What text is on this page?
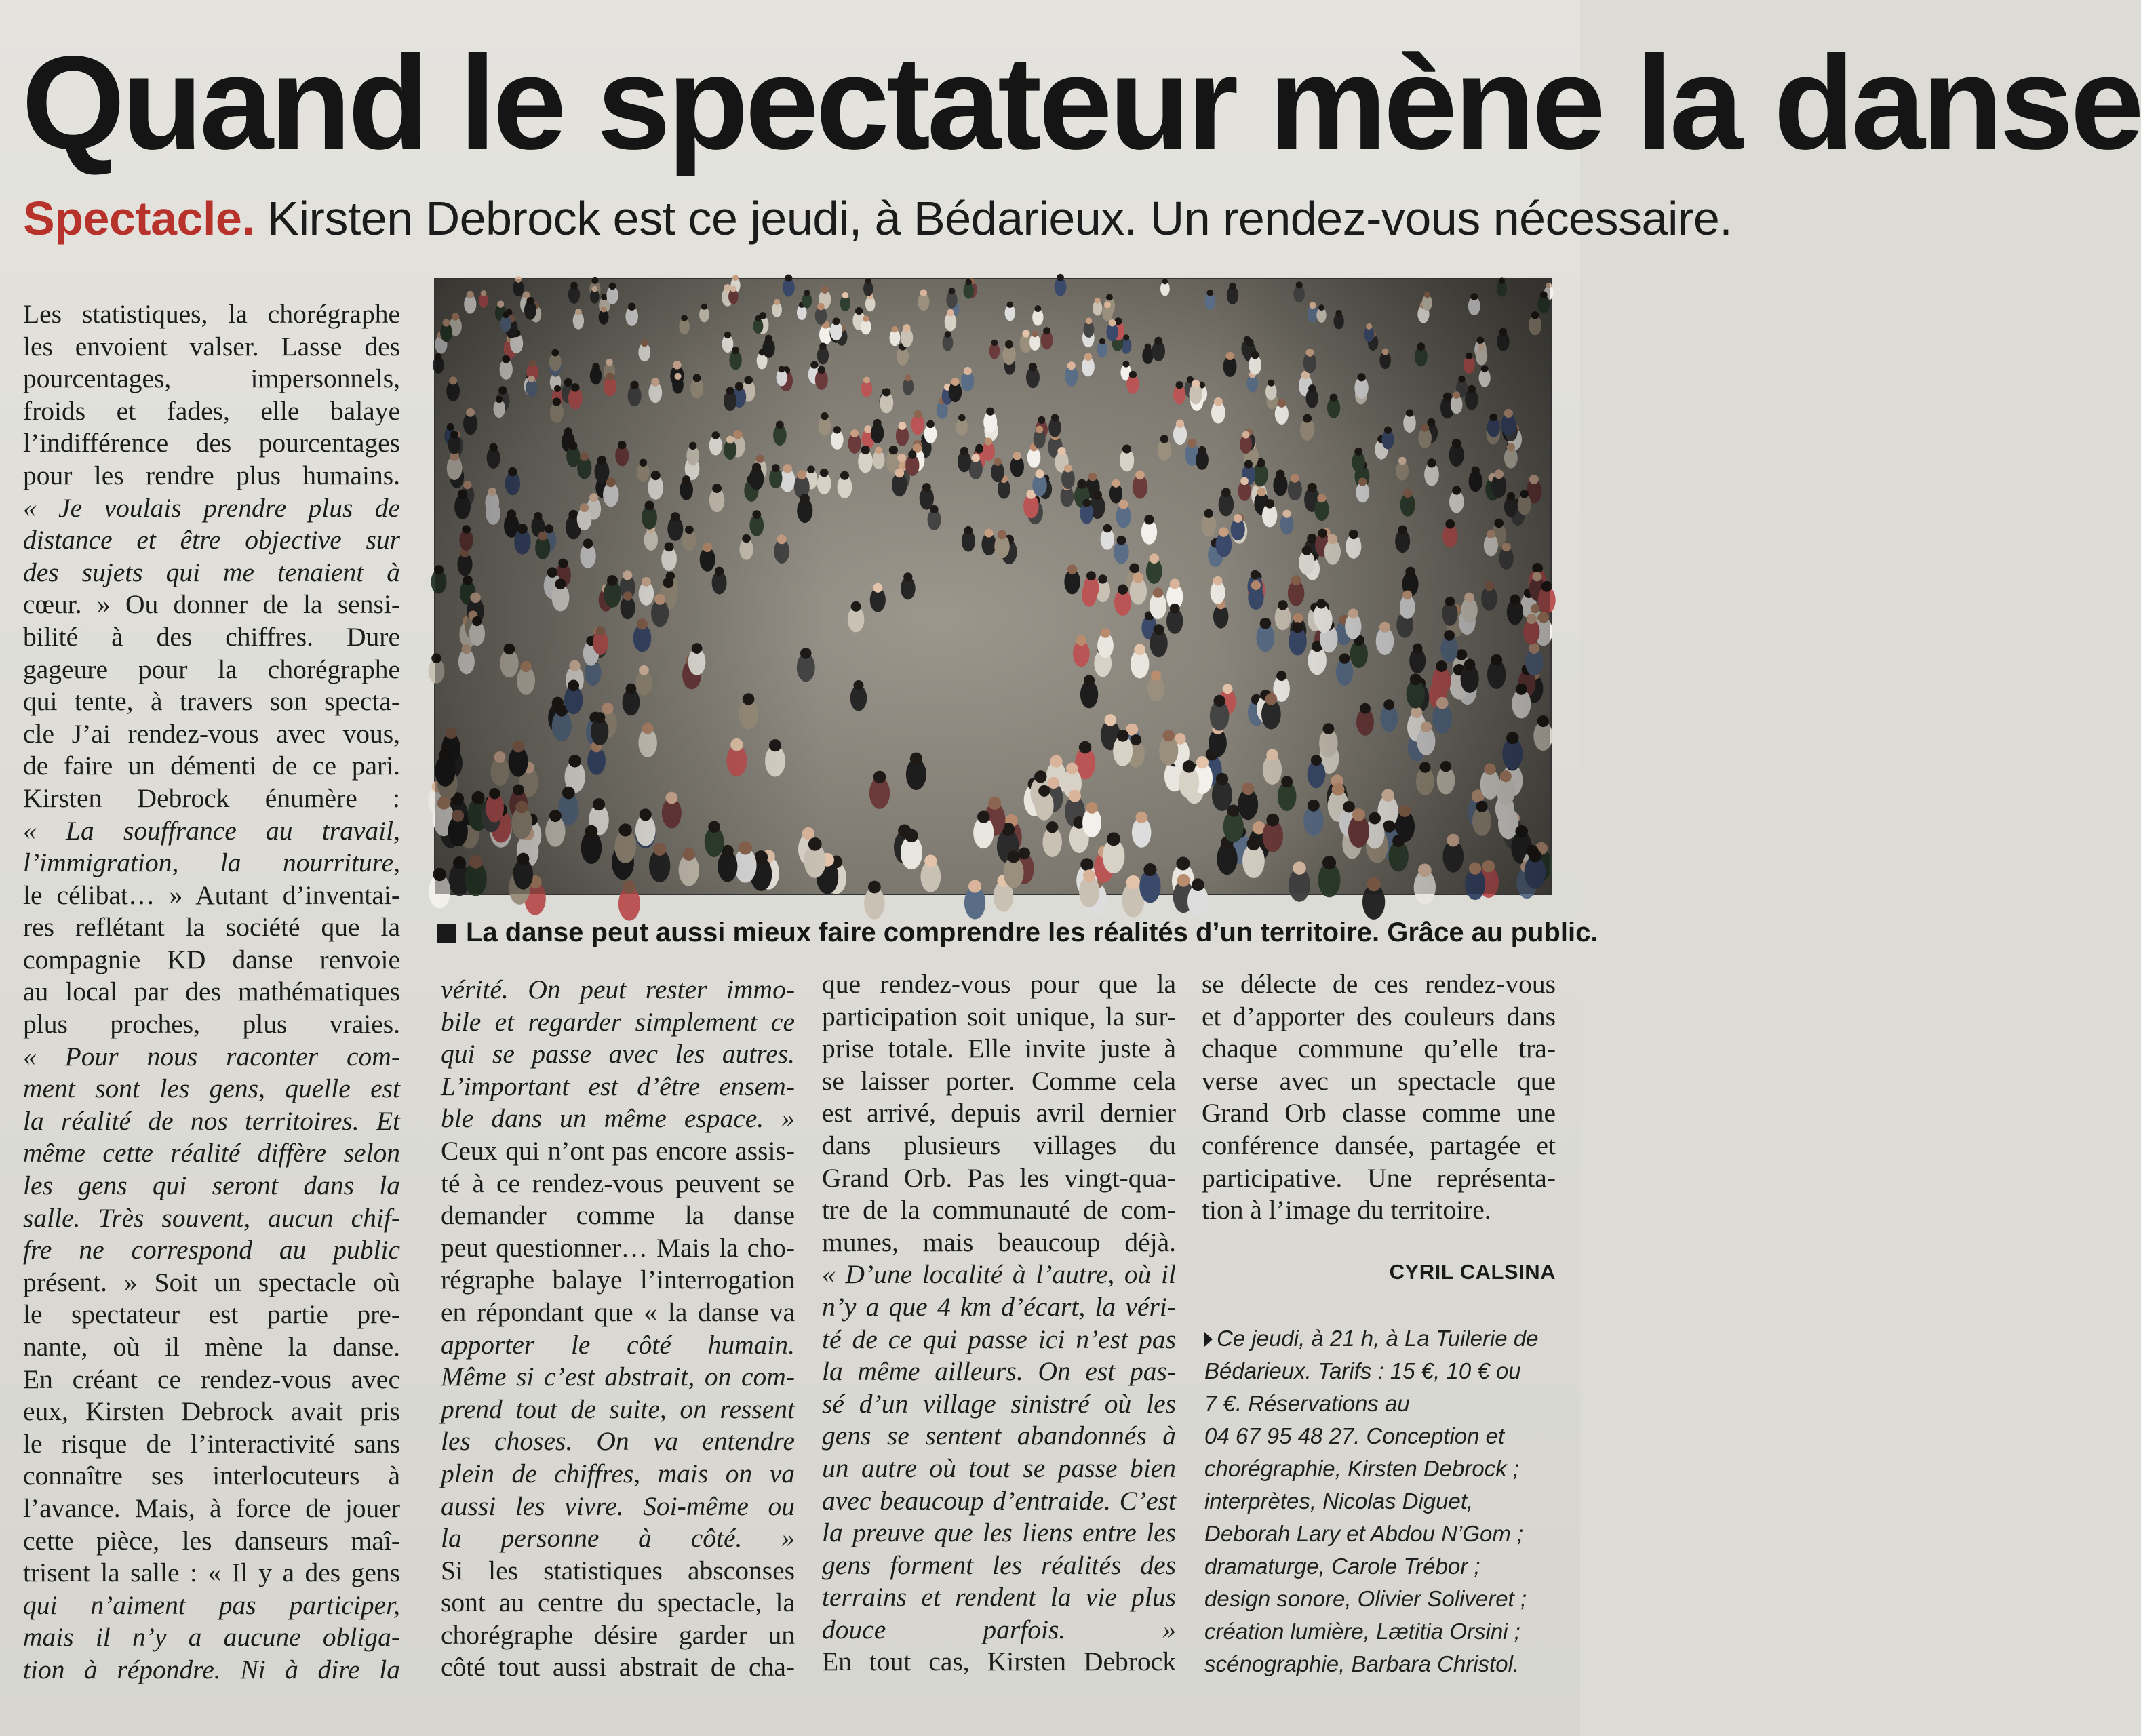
Quand le spectateur mène la danse
Spectacle. Kirsten Debrock est ce jeudi, à Bédarieux. Un rendez-vous nécessaire.
La danse peut aussi mieux faire comprendre les réalités d’un territoire. Grâce au public.
Les statistiques, la chorégraphe
les envoient valser. Lasse des
pourcentages, impersonnels,
froids et fades, elle balaye
l’indifférence des pourcentages
pour les rendre plus humains.
« Je voulais prendre plus de
distance et être objective sur
des sujets qui me tenaient à
cœur. » Ou donner de la sensi-
bilité à des chiffres. Dure
gageure pour la chorégraphe
qui tente, à travers son specta-
cle J’ai rendez-vous avec vous,
de faire un démenti de ce pari.
Kirsten Debrock énumère :
« La souffrance au travail,
l’immigration, la nourriture,
le célibat… » Autant d’inventai-
res reflétant la société que la
compagnie KD danse renvoie
au local par des mathématiques
plus proches, plus vraies.
« Pour nous raconter com-
ment sont les gens, quelle est
la réalité de nos territoires. Et
même cette réalité diffère selon
les gens qui seront dans la
salle. Très souvent, aucun chif-
fre ne correspond au public
présent. » Soit un spectacle où
le spectateur est partie pre-
nante, où il mène la danse.
En créant ce rendez-vous avec
eux, Kirsten Debrock avait pris
le risque de l’interactivité sans
connaître ses interlocuteurs à
l’avance. Mais, à force de jouer
cette pièce, les danseurs maî-
trisent la salle : « Il y a des gens
qui n’aiment pas participer,
mais il n’y a aucune obliga-
tion à répondre. Ni à dire la
vérité. On peut rester immo-
bile et regarder simplement ce
qui se passe avec les autres.
L’important est d’être ensem-
ble dans un même espace. »
Ceux qui n’ont pas encore assis-
té à ce rendez-vous peuvent se
demander comme la danse
peut questionner… Mais la cho-
régraphe balaye l’interrogation
en répondant que « la danse va
apporter le côté humain.
Même si c’est abstrait, on com-
prend tout de suite, on ressent
les choses. On va entendre
plein de chiffres, mais on va
aussi les vivre. Soi-même ou
la personne à côté. »
Si les statistiques absconses
sont au centre du spectacle, la
chorégraphe désire garder un
côté tout aussi abstrait de cha-
que rendez-vous pour que la
participation soit unique, la sur-
prise totale. Elle invite juste à
se laisser porter. Comme cela
est arrivé, depuis avril dernier
dans plusieurs villages du
Grand Orb. Pas les vingt-qua-
tre de la communauté de com-
munes, mais beaucoup déjà.
« D’une localité à l’autre, où il
n’y a que 4 km d’écart, la véri-
té de ce qui passe ici n’est pas
la même ailleurs. On est pas-
sé d’un village sinistré où les
gens se sentent abandonnés à
un autre où tout se passe bien
avec beaucoup d’entraide. C’est
la preuve que les liens entre les
gens forment les réalités des
terrains et rendent la vie plus
douce parfois. »
En tout cas, Kirsten Debrock
se délecte de ces rendez-vous
et d’apporter des couleurs dans
chaque commune qu’elle tra-
verse avec un spectacle que
Grand Orb classe comme une
conférence dansée, partagée et
participative. Une représenta-
tion à l’image du territoire.
CYRIL CALSINA
Ce jeudi, à 21 h, à La Tuilerie de
Bédarieux. Tarifs : 15 €, 10 € ou
7 €. Réservations au
04 67 95 48 27. Conception et
chorégraphie, Kirsten Debrock ;
interprètes, Nicolas Diguet,
Deborah Lary et Abdou N’Gom ;
dramaturge, Carole Trébor ;
design sonore, Olivier Soliveret ;
création lumière, Lætitia Orsini ;
scénographie, Barbara Christol.
